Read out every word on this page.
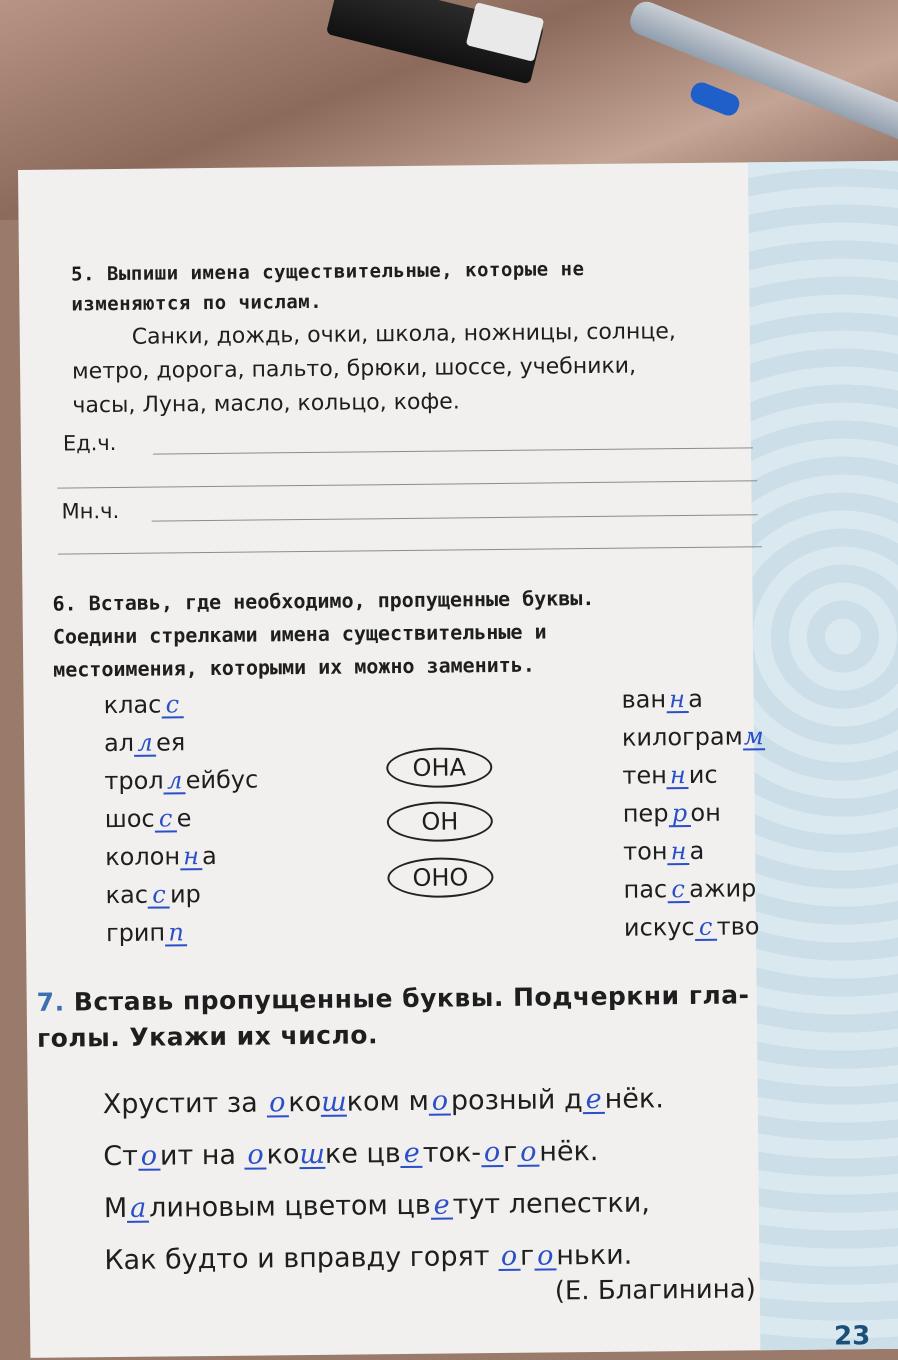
5. Выпиши имена существительные, которые не
изменяются по числам.
Санки, дождь, очки, школа, ножницы, солнце,
метро, дорога, пальто, брюки, шоссе, учебники,
часы, Луна, масло, кольцо, кофе.
Ед.ч.
Мн.ч.
6. Вставь, где необходимо, пропущенные буквы.
Соедини стрелками имена существительные и
местоимения, которыми их можно заменить.
клас с
ал л ея
трол л ейбус
шос с е
колон н а
кас с ир
грип п
ван н а
килограмм
тен н ис
пер р он
тон н а
пас с ажир
искус с тво
ОНА
ОН
ОНО
7. Вставь пропущенные буквы. Подчеркни гла-
голы. Укажи их число.
Хрустит за окошком морозный денёк.
Стоит на окошке цветок-огонёк.
Малиновым цветом цветут лепестки,
Как будто и вправду горят огоньки.
(Е. Благинина)
23
